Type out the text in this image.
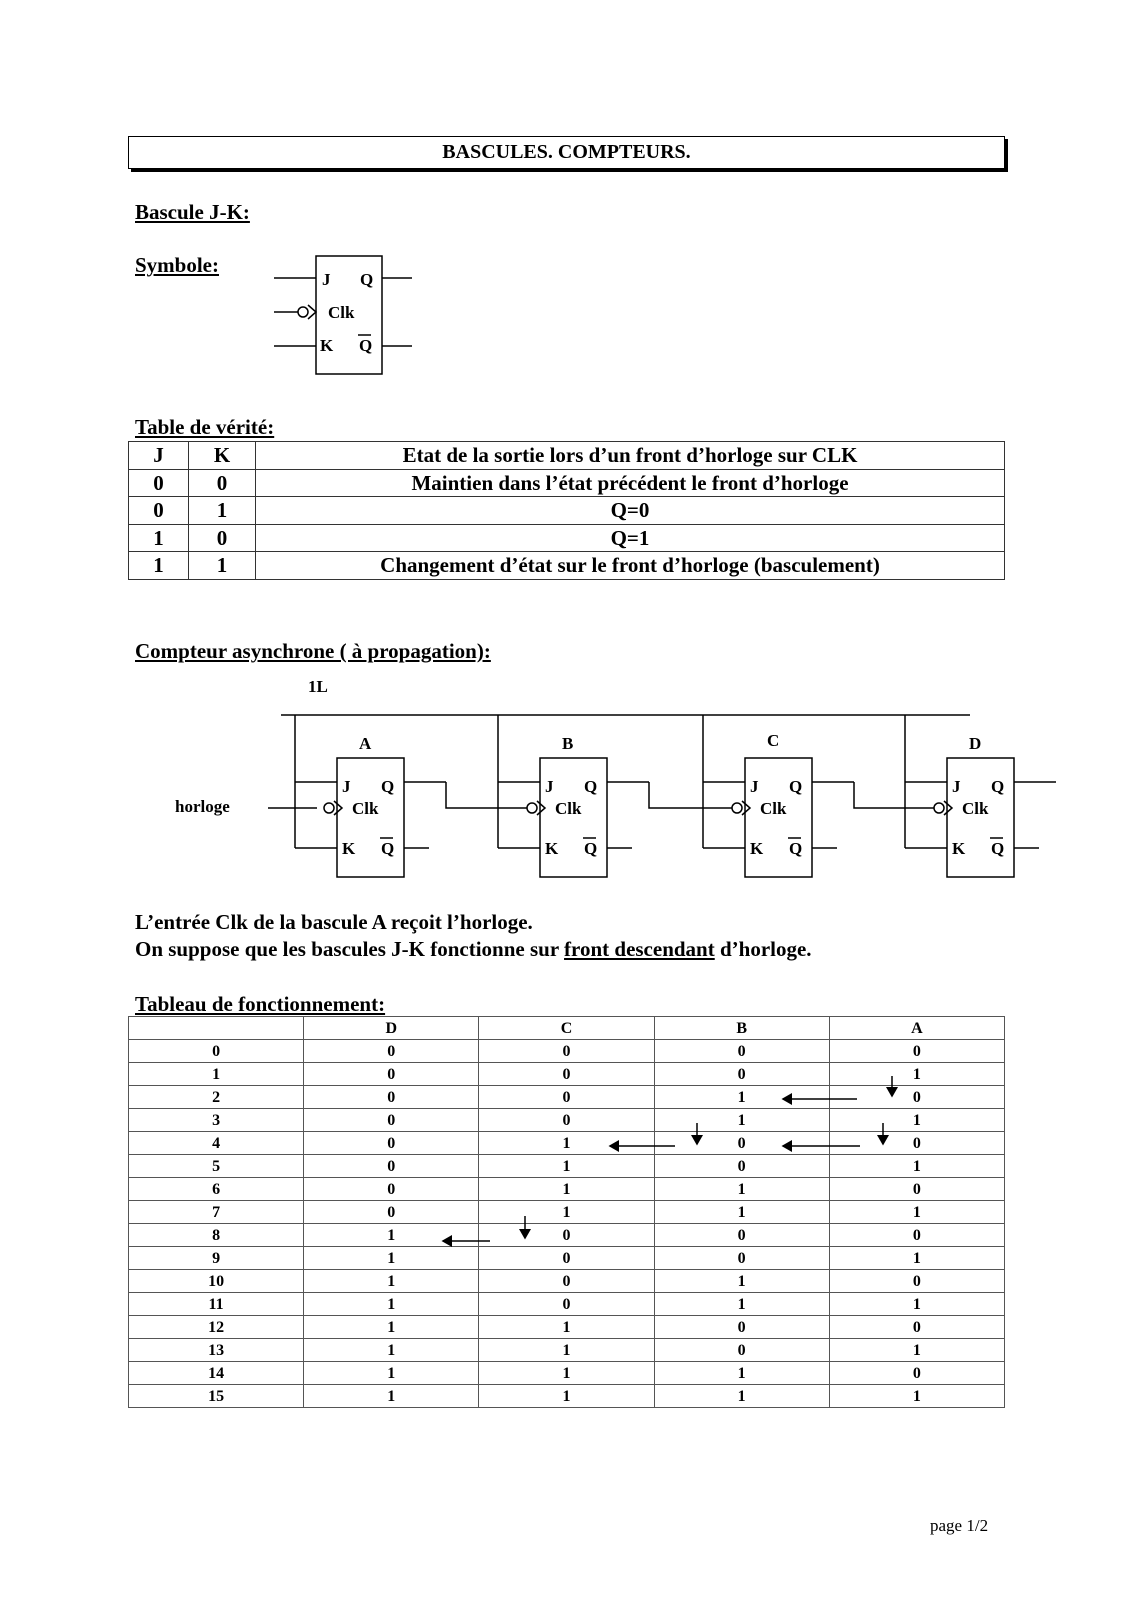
BASCULES. COMPTEURS.
Bascule J-K:
Symbole:
J Q
Clk
K Q
Table de vérité:
J	K	Etat de la sortie lors d’un front d’horloge sur CLK
0	0	Maintien dans l’état précédent le front d’horloge
0	1	Q=0
1	0	Q=1
1	1	Changement d’état sur le front d’horloge (basculement)
Compteur asynchrone ( à propagation):
1L
horloge
A
J Q
Clk
K Q
B
J Q
Clk
K Q
C
J Q
Clk
K Q
D
J Q
Clk
K Q
L’entrée Clk de la bascule A reçoit l’horloge.
On suppose que les bascules J-K fonctionne sur front descendant d’horloge.
Tableau de fonctionnement:
	D	C	B	A
0	0	0	0	0
1	0	0	0	1
2	0	0	1	0
3	0	0	1	1
4	0	1	0	0
5	0	1	0	1
6	0	1	1	0
7	0	1	1	1
8	1	0	0	0
9	1	0	0	1
10	1	0	1	0
11	1	0	1	1
12	1	1	0	0
13	1	1	0	1
14	1	1	1	0
15	1	1	1	1
page 1/2
